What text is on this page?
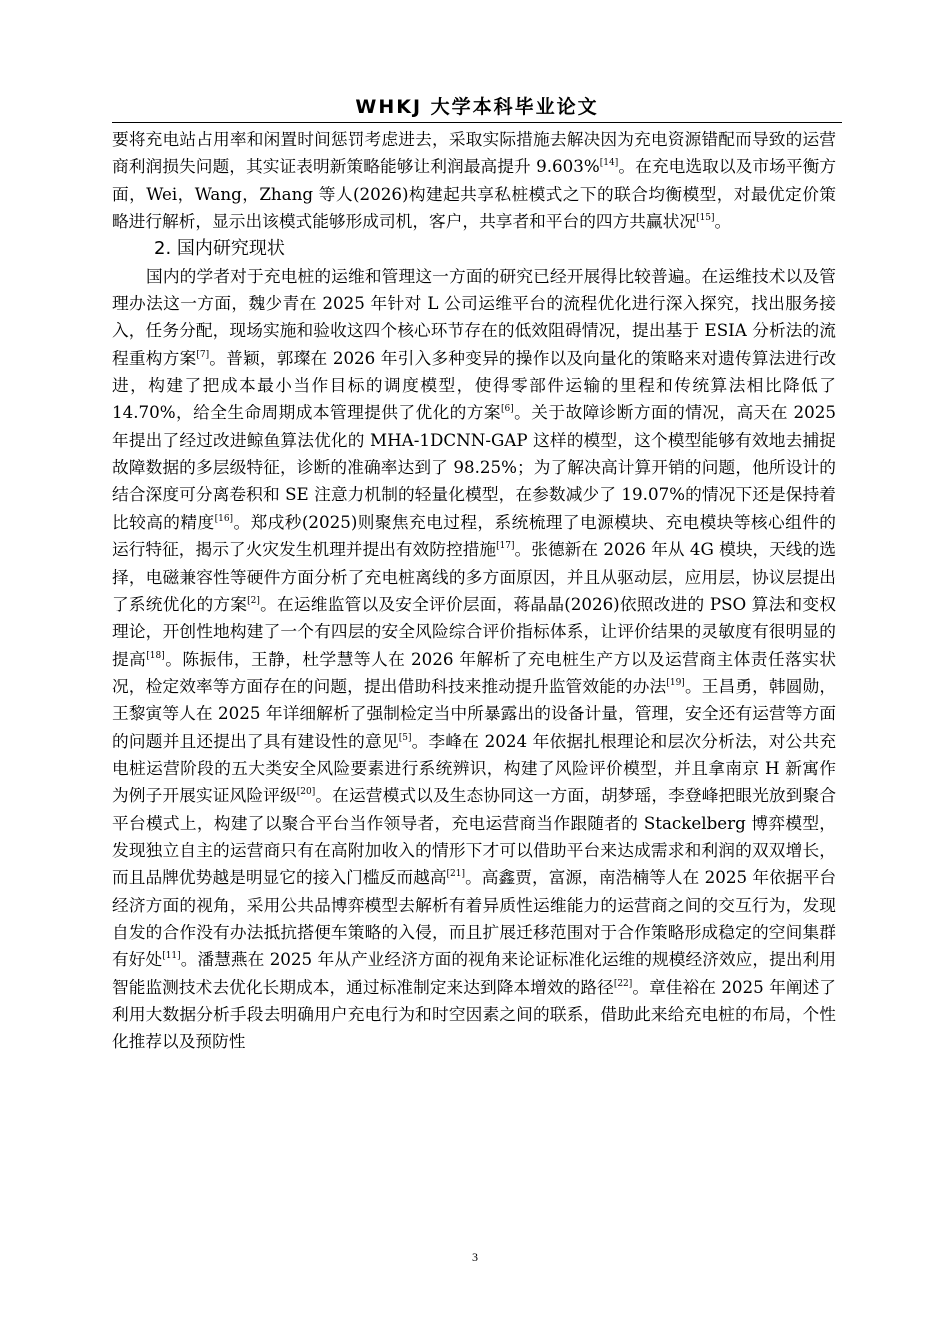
WHKJ 大学本科毕业论文

要将充电站占用率和闲置时间惩罚考虑进去，采取实际措施去解决因为充电资源错配而导致的运营商利润损失问题，其实证表明新策略能够让利润最高提升 9.603%[14]。在充电选取以及市场平衡方面，Wei，Wang，Zhang 等人(2026)构建起共享私桩模式之下的联合均衡模型，对最优定价策略进行解析，显示出该模式能够形成司机，客户，共享者和平台的四方共赢状况[15]。

2. 国内研究现状

国内的学者对于充电桩的运维和管理这一方面的研究已经开展得比较普遍。在运维技术以及管理办法这一方面，魏少青在 2025 年针对 L 公司运维平台的流程优化进行深入探究，找出服务接入，任务分配，现场实施和验收这四个核心环节存在的低效阻碍情况，提出基于 ESIA 分析法的流程重构方案[7]。普颖，郭璨在 2026 年引入多种变异的操作以及向量化的策略来对遗传算法进行改进，构建了把成本最小当作目标的调度模型，使得零部件运输的里程和传统算法相比降低了 14.70%，给全生命周期成本管理提供了优化的方案[6]。关于故障诊断方面的情况，高天在 2025 年提出了经过改进鲸鱼算法优化的 MHA-1DCNN-GAP 这样的模型，这个模型能够有效地去捕捉故障数据的多层级特征，诊断的准确率达到了 98.25%；为了解决高计算开销的问题，他所设计的结合深度可分离卷积和 SE 注意力机制的轻量化模型，在参数减少了 19.07%的情况下还是保持着比较高的精度[16]。郑戌秒(2025)则聚焦充电过程，系统梳理了电源模块、充电模块等核心组件的运行特征，揭示了火灾发生机理并提出有效防控措施[17]。张德新在 2026 年从 4G 模块，天线的选择，电磁兼容性等硬件方面分析了充电桩离线的多方面原因，并且从驱动层，应用层，协议层提出了系统优化的方案[2]。在运维监管以及安全评价层面，蒋晶晶(2026)依照改进的 PSO 算法和变权理论，开创性地构建了一个有四层的安全风险综合评价指标体系，让评价结果的灵敏度有很明显的提高[18]。陈振伟，王静，杜学慧等人在 2026 年解析了充电桩生产方以及运营商主体责任落实状况，检定效率等方面存在的问题，提出借助科技来推动提升监管效能的办法[19]。王昌勇，韩圆勋，王黎寅等人在 2025 年详细解析了强制检定当中所暴露出的设备计量，管理，安全还有运营等方面的问题并且还提出了具有建设性的意见[5]。李峰在 2024 年依据扎根理论和层次分析法，对公共充电桩运营阶段的五大类安全风险要素进行系统辨识，构建了风险评价模型，并且拿南京 H 新寓作为例子开展实证风险评级[20]。在运营模式以及生态协同这一方面，胡梦瑶，李登峰把眼光放到聚合平台模式上，构建了以聚合平台当作领导者，充电运营商当作跟随者的 Stackelberg 博弈模型，发现独立自主的运营商只有在高附加收入的情形下才可以借助平台来达成需求和利润的双双增长，而且品牌优势越是明显它的接入门槛反而越高[21]。高鑫贾，富源，南浩楠等人在 2025 年依据平台经济方面的视角，采用公共品博弈模型去解析有着异质性运维能力的运营商之间的交互行为，发现自发的合作没有办法抵抗搭便车策略的入侵，而且扩展迁移范围对于合作策略形成稳定的空间集群有好处[11]。潘慧燕在 2025 年从产业经济方面的视角来论证标准化运维的规模经济效应，提出利用智能监测技术去优化长期成本，通过标准制定来达到降本增效的路径[22]。章佳裕在 2025 年阐述了利用大数据分析手段去明确用户充电行为和时空因素之间的联系，借助此来给充电桩的布局，个性化推荐以及预防性

3
